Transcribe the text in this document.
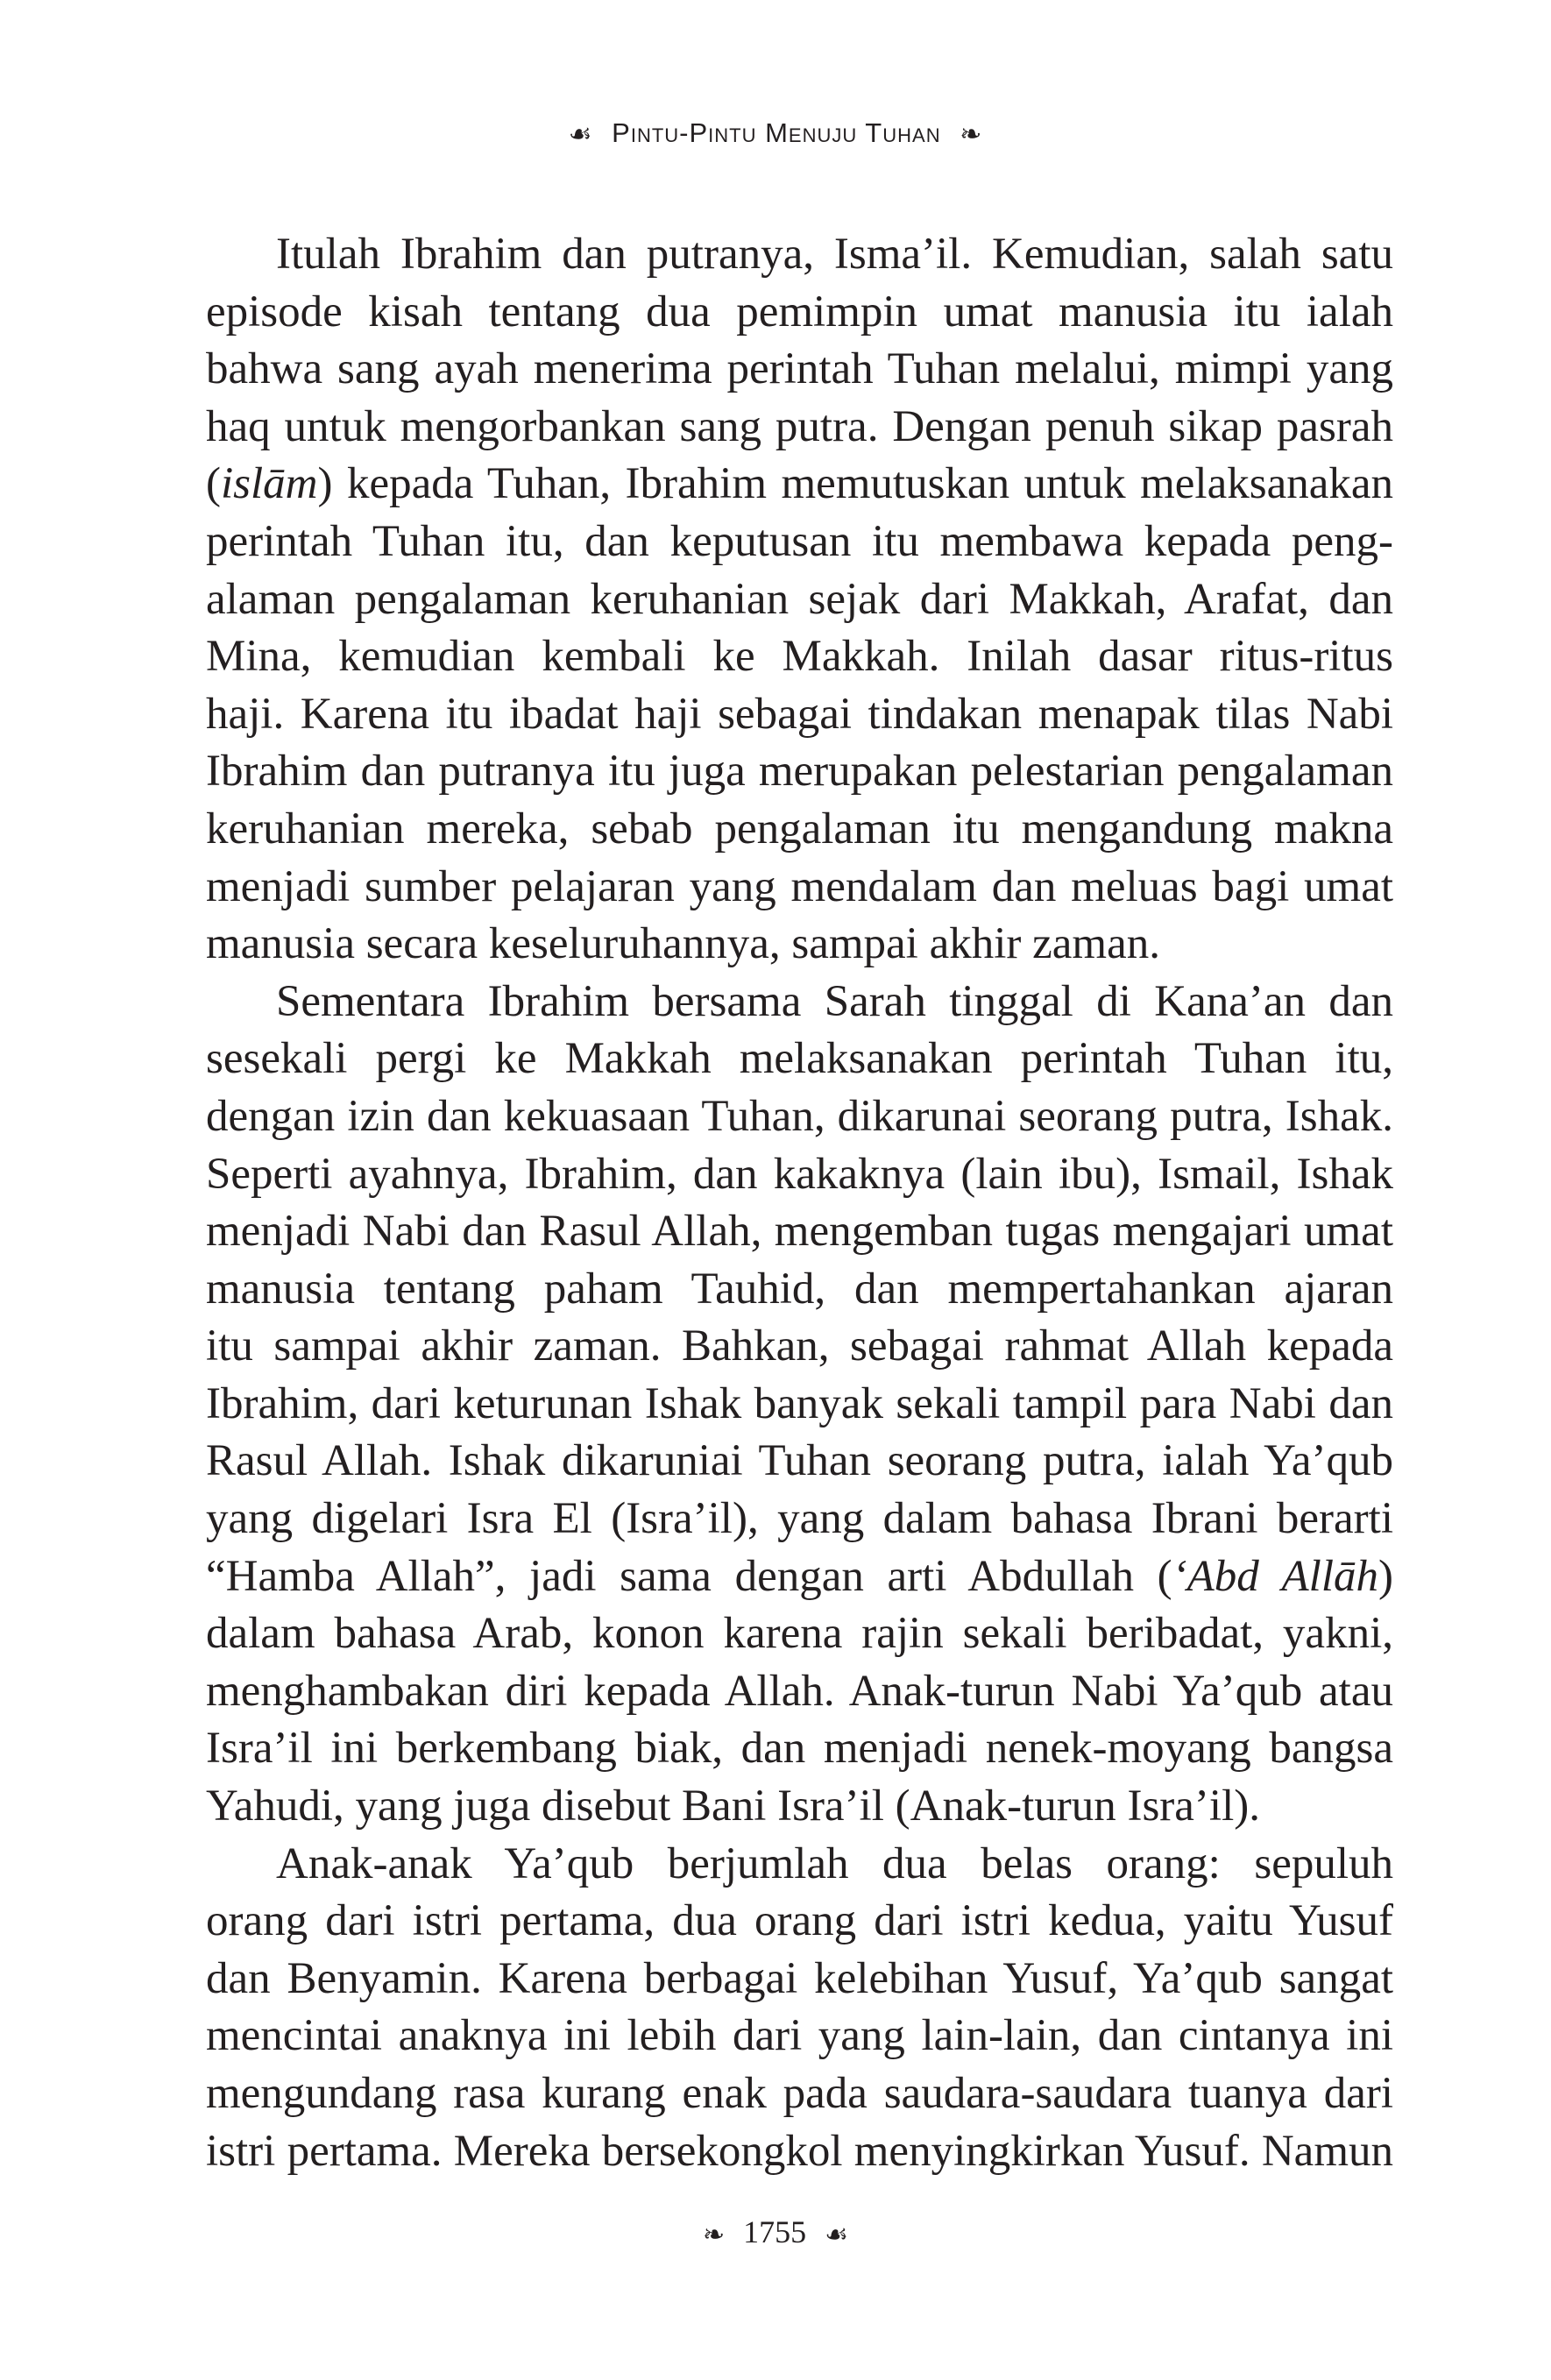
☙ Pintu-Pintu Menuju Tuhan ❧
Itulah Ibrahim dan putranya, Isma’il. Kemudian, salah satu
episode kisah tentang dua pemimpin umat manusia itu ialah
bahwa sang ayah menerima perintah Tuhan melalui, mimpi yang
haq untuk mengorbankan sang putra. Dengan penuh sikap pasrah
(islām) kepada Tuhan, Ibrahim memutuskan untuk melaksanakan
perintah Tuhan itu, dan keputusan itu membawa kepada peng-
alaman pengalaman keruhanian sejak dari Makkah, Arafat, dan
Mina, kemudian kembali ke Makkah. Inilah dasar ritus-ritus
haji. Karena itu ibadat haji sebagai tindakan menapak tilas Nabi
Ibrahim dan putranya itu juga merupakan pelestarian pengalaman
keruhanian mereka, sebab pengalaman itu mengandung makna
menjadi sumber pelajaran yang mendalam dan meluas bagi umat
manusia secara keseluruhannya, sampai akhir zaman.
Sementara Ibrahim bersama Sarah tinggal di Kana’an dan
sesekali pergi ke Makkah melaksanakan perintah Tuhan itu,
dengan izin dan kekuasaan Tuhan, dikarunai seorang putra, Ishak.
Seperti ayahnya, Ibrahim, dan kakaknya (lain ibu), Ismail, Ishak
menjadi Nabi dan Rasul Allah, mengemban tugas mengajari umat
manusia tentang paham Tauhid, dan mempertahankan ajaran
itu sampai akhir zaman. Bahkan, sebagai rahmat Allah kepada
Ibrahim, dari keturunan Ishak banyak sekali tampil para Nabi dan
Rasul Allah. Ishak dikaruniai Tuhan seorang putra, ialah Ya’qub
yang digelari Isra El (Isra’il), yang dalam bahasa Ibrani berarti
“Hamba Allah”, jadi sama dengan arti Abdullah (‘Abd Allāh)
dalam bahasa Arab, konon karena rajin sekali beribadat, yakni,
menghambakan diri kepada Allah. Anak-turun Nabi Ya’qub atau
Isra’il ini berkembang biak, dan menjadi nenek-moyang bangsa
Yahudi, yang juga disebut Bani Isra’il (Anak-turun Isra’il).
Anak-anak Ya’qub berjumlah dua belas orang: sepuluh
orang dari istri pertama, dua orang dari istri kedua, yaitu Yusuf
dan Benyamin. Karena berbagai kelebihan Yusuf, Ya’qub sangat
mencintai anaknya ini lebih dari yang lain-lain, dan cintanya ini
mengundang rasa kurang enak pada saudara-saudara tuanya dari
istri pertama. Mereka bersekongkol menyingkirkan Yusuf. Namun
❧ 1755 ☙
